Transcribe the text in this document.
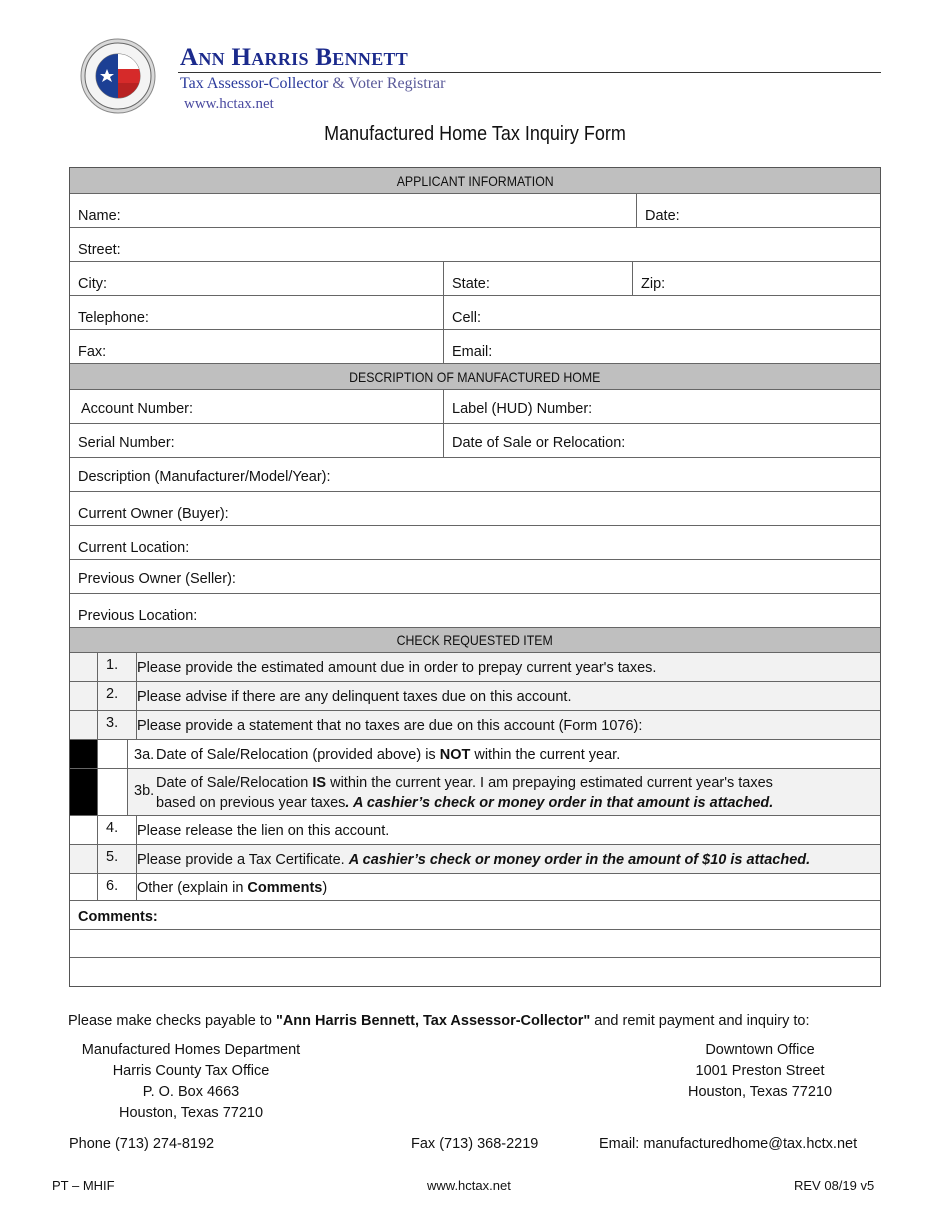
Ann Harris Bennett
Tax Assessor-Collector & Voter Registrar
www.hctax.net
Manufactured Home Tax Inquiry Form
APPLICANT INFORMATION
Name:	Date:
Street:
City:	State:	Zip:
Telephone:	Cell:
Fax:	Email:
DESCRIPTION OF MANUFACTURED HOME
Account Number:	Label (HUD) Number:
Serial Number:	Date of Sale or Relocation:
Description (Manufacturer/Model/Year):
Current Owner (Buyer):
Current Location:
Previous Owner (Seller):
Previous Location:
CHECK REQUESTED ITEM
1.	Please provide the estimated amount due in order to prepay current year's taxes.
2.	Please advise if there are any delinquent taxes due on this account.
3.	Please provide a statement that no taxes are due on this account (Form 1076):
3a. Date of Sale/Relocation (provided above) is NOT within the current year.
3b. Date of Sale/Relocation IS within the current year. I am prepaying estimated current year's taxes
based on previous year taxes. A cashier’s check or money order in that amount is attached.
4.	Please release the lien on this account.
5.	Please provide a Tax Certificate. A cashier’s check or money order in the amount of $10 is attached.
6.	Other (explain in Comments)
Comments:
Please make checks payable to "Ann Harris Bennett, Tax Assessor-Collector" and remit payment and inquiry to:
Manufactured Homes Department
Harris County Tax Office
P. O. Box 4663
Houston, Texas 77210
Downtown Office
1001 Preston Street
Houston, Texas 77210
Phone (713) 274-8192	Fax (713) 368-2219	Email: manufacturedhome@tax.hctx.net
PT – MHIF	www.hctax.net	REV 08/19 v5
